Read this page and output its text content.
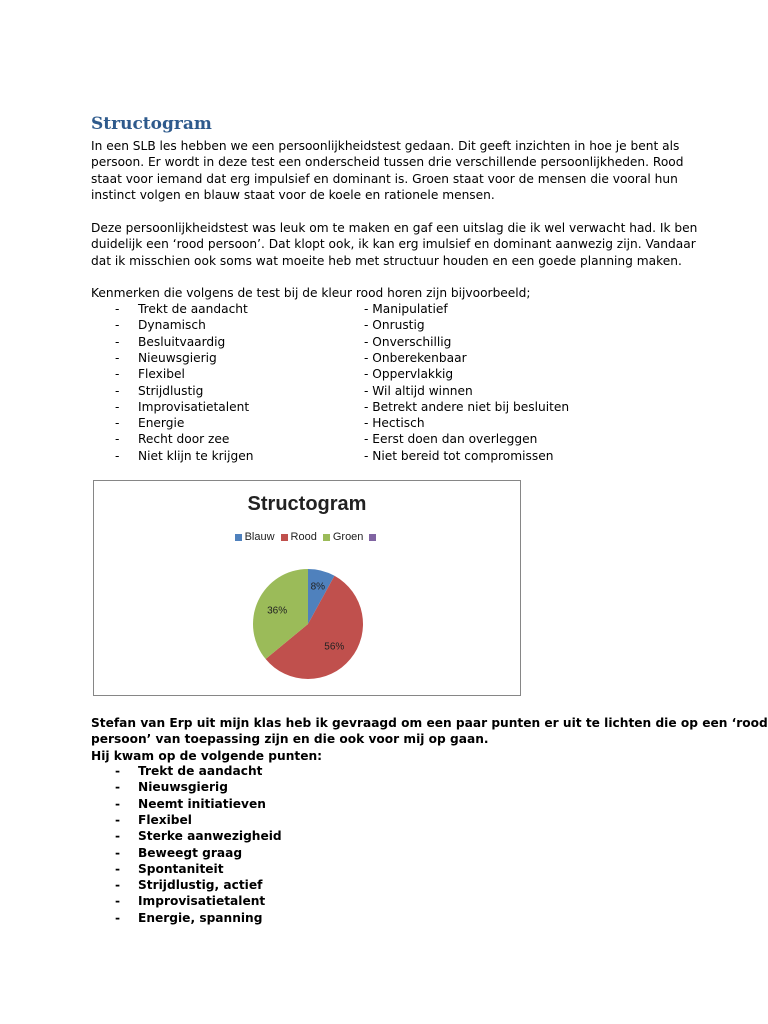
Structogram

In een SLB les hebben we een persoonlijkheidstest gedaan. Dit geeft inzichten in hoe je bent als

persoon. Er wordt in deze test een onderscheid tussen drie verschillende persoonlijkheden. Rood

staat voor iemand dat erg impulsief en dominant is. Groen staat voor de mensen die vooral hun

instinct volgen en blauw staat voor de koele en rationele mensen.

Deze persoonlijkheidstest was leuk om te maken en gaf een uitslag die ik wel verwacht had. Ik ben

duidelijk een ‘rood persoon’. Dat klopt ook, ik kan erg imulsief en dominant aanwezig zijn. Vandaar

dat ik misschien ook soms wat moeite heb met structuur houden en een goede planning maken.

Kenmerken die volgens de test bij de kleur rood horen zijn bijvoorbeeld;

- Trekt de aandacht	- Manipulatief
- Dynamisch	- Onrustig
- Besluitvaardig	- Onverschillig
- Nieuwsgierig	- Onberekenbaar
- Flexibel	- Oppervlakkig
- Strijdlustig	- Wil altijd winnen
- Improvisatietalent	- Betrekt andere niet bij besluiten
- Energie	- Hectisch
- Recht door zee	- Eerst doen dan overleggen
- Niet klijn te krijgen	- Niet bereid tot compromissen
Structogram
Blauw Rood Groen
8%
56%
36%

Stefan van Erp uit mijn klas heb ik gevraagd om een paar punten er uit te lichten die op een ‘rood

persoon’ van toepassing zijn en die ook voor mij op gaan.

Hij kwam op de volgende punten:

- Trekt de aandacht
- Nieuwsgierig
- Neemt initiatieven
- Flexibel
- Sterke aanwezigheid
- Beweegt graag
- Spontaniteit
- Strijdlustig, actief
- Improvisatietalent
- Energie, spanning
